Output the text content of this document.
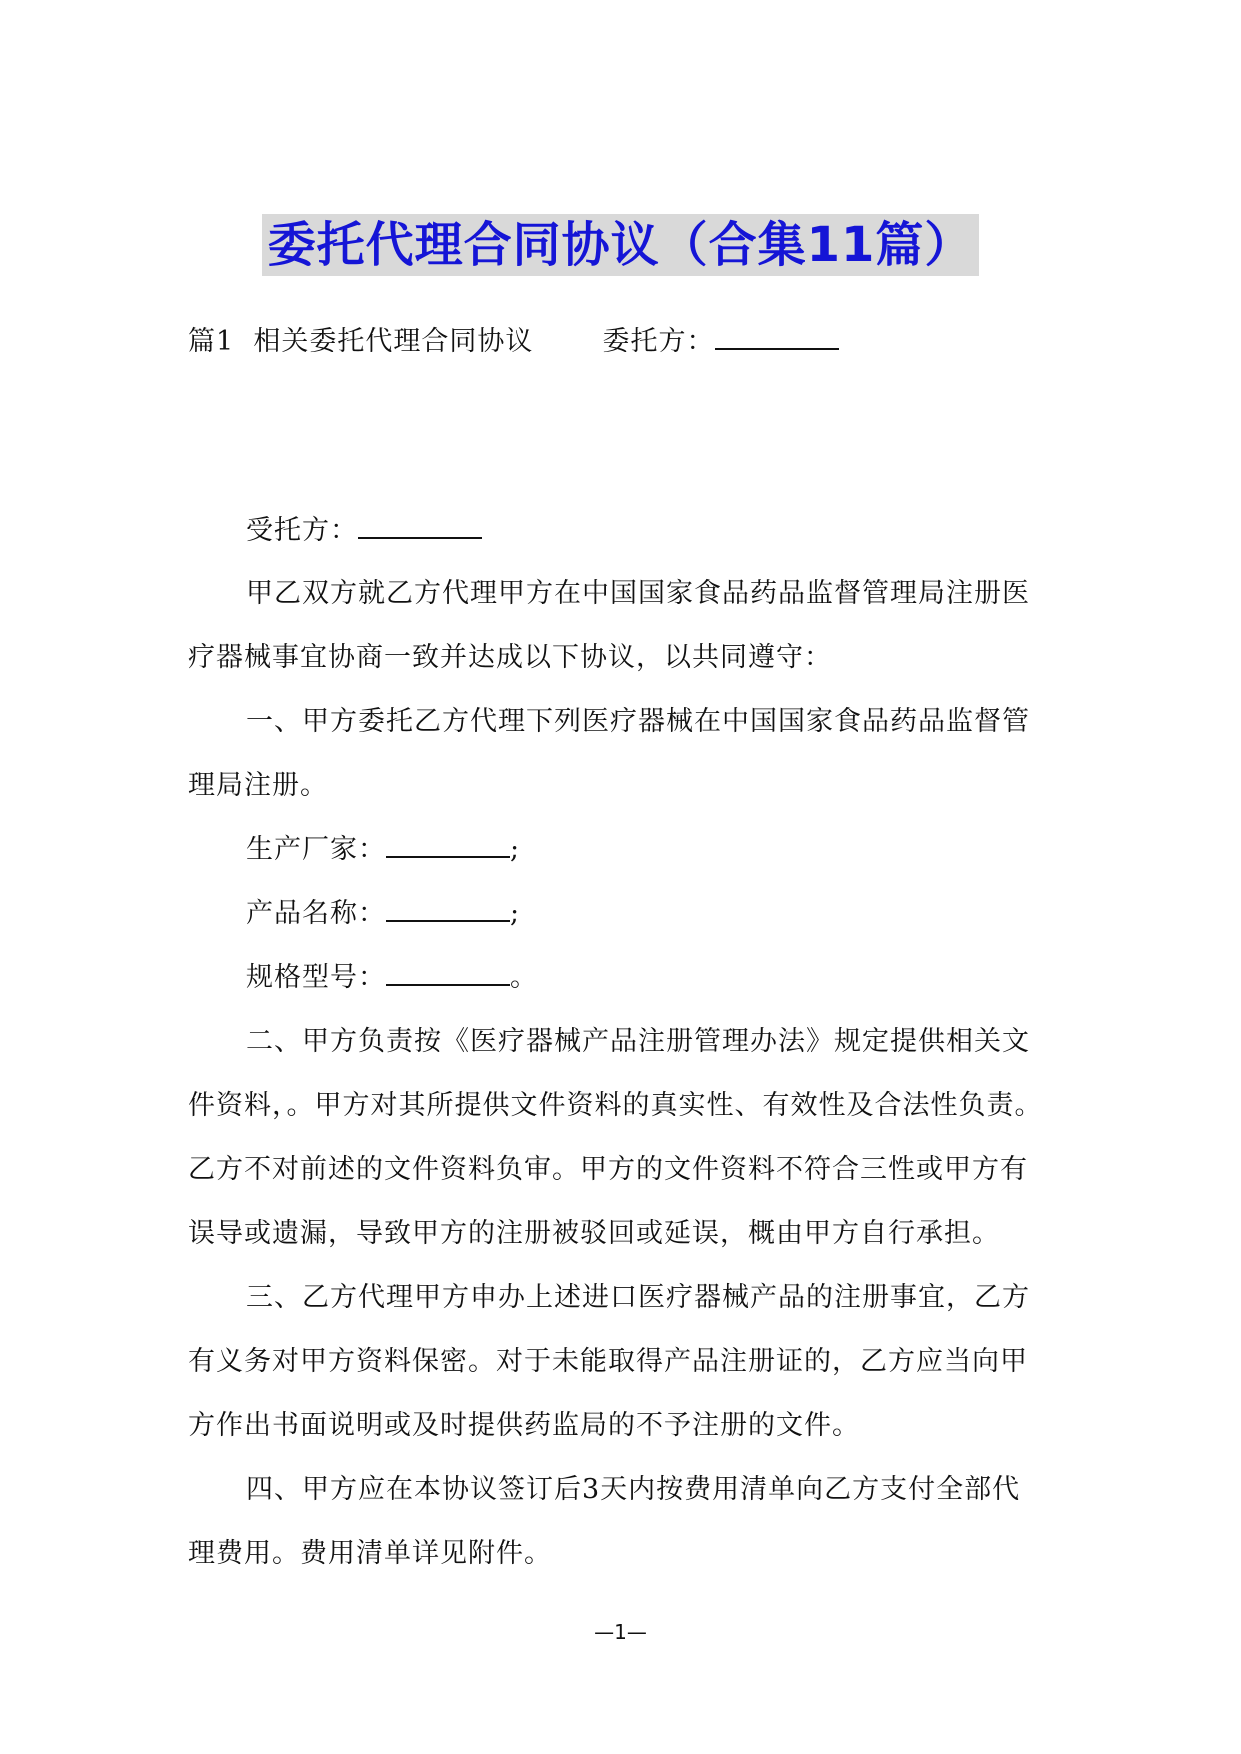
委托代理合同协议（合集11篇）
篇1 相关委托代理合同协议	委托方：
受托方：
甲乙双方就乙方代理甲方在中国国家食品药品监督管理局注册医
疗器械事宜协商一致并达成以下协议，以共同遵守：
一、甲方委托乙方代理下列医疗器械在中国国家食品药品监督管
理局注册。
生产厂家：	;
产品名称：	;
规格型号：	。
二、甲方负责按《医疗器械产品注册管理办法》规定提供相关文
件资料，。甲方对其所提供文件资料的真实性、有效性及合法性负责。
乙方不对前述的文件资料负审。甲方的文件资料不符合三性或甲方有
误导或遗漏，导致甲方的注册被驳回或延误，概由甲方自行承担。
三、乙方代理甲方申办上述进口医疗器械产品的注册事宜，乙方
有义务对甲方资料保密。对于未能取得产品注册证的，乙方应当向甲
方作出书面说明或及时提供药监局的不予注册的文件。
四、甲方应在本协议签订后3天内按费用清单向乙方支付全部代
理费用。费用清单详见附件。
—1—
